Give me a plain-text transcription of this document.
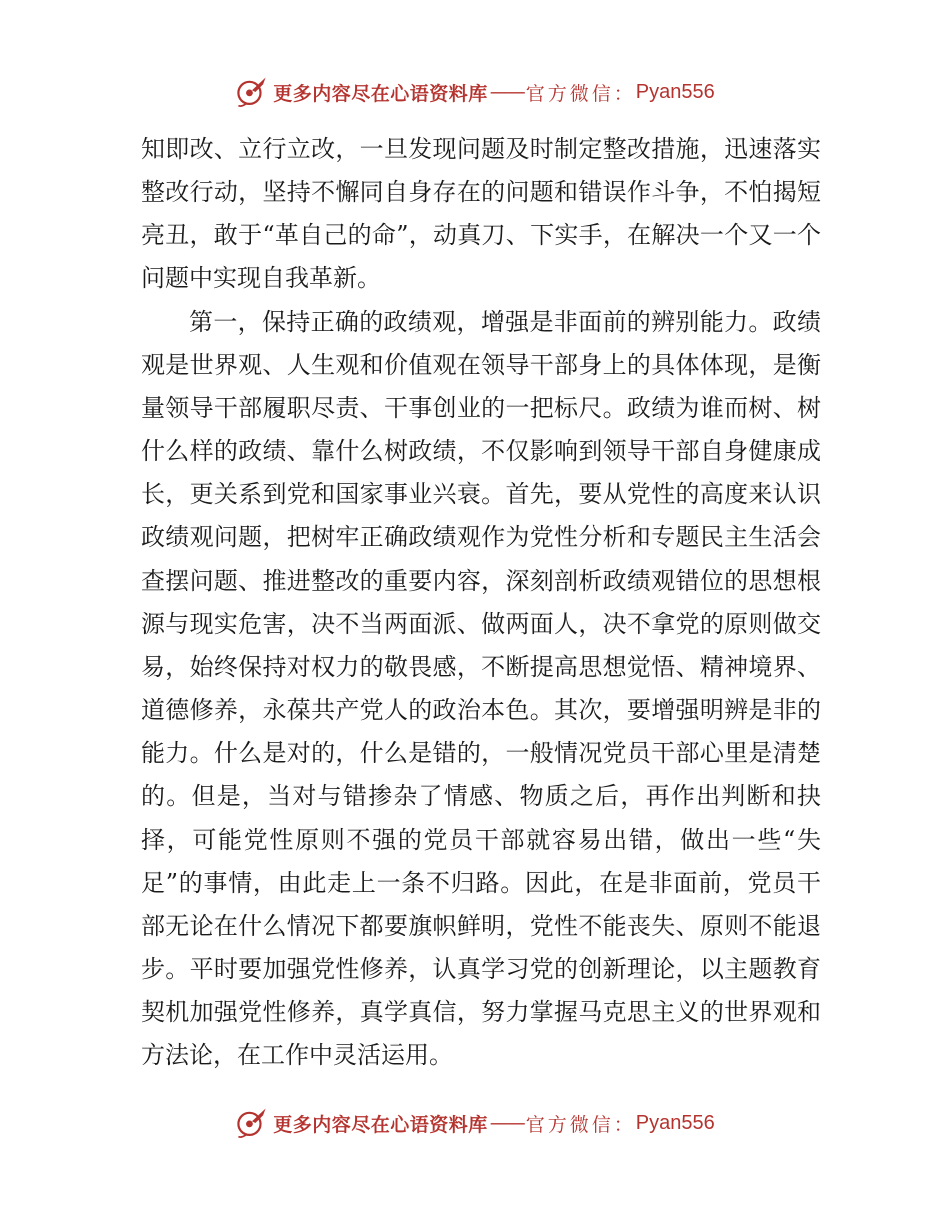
更多内容尽在心语资料库 —— 官方微信： Pyan556

知即改、立行立改，一旦发现问题及时制定整改措施，迅速落实整改行动，坚持不懈同自身存在的问题和错误作斗争，不怕揭短亮丑，敢于“革自己的命”，动真刀、下实手，在解决一个又一个问题中实现自我革新。

第一，保持正确的政绩观，增强是非面前的辨别能力。政绩观是世界观、人生观和价值观在领导干部身上的具体体现，是衡量领导干部履职尽责、干事创业的一把标尺。政绩为谁而树、树什么样的政绩、靠什么树政绩，不仅影响到领导干部自身健康成长，更关系到党和国家事业兴衰。首先，要从党性的高度来认识政绩观问题，把树牢正确政绩观作为党性分析和专题民主生活会查摆问题、推进整改的重要内容，深刻剖析政绩观错位的思想根源与现实危害，决不当两面派、做两面人，决不拿党的原则做交易，始终保持对权力的敬畏感，不断提高思想觉悟、精神境界、道德修养，永葆共产党人的政治本色。其次，要增强明辨是非的能力。什么是对的，什么是错的，一般情况党员干部心里是清楚的。但是，当对与错掺杂了情感、物质之后，再作出判断和抉择，可能党性原则不强的党员干部就容易出错，做出一些“失足”的事情，由此走上一条不归路。因此，在是非面前，党员干部无论在什么情况下都要旗帜鲜明，党性不能丧失、原则不能退步。平时要加强党性修养，认真学习党的创新理论，以主题教育契机加强党性修养，真学真信，努力掌握马克思主义的世界观和方法论，在工作中灵活运用。

更多内容尽在心语资料库 —— 官方微信： Pyan556
